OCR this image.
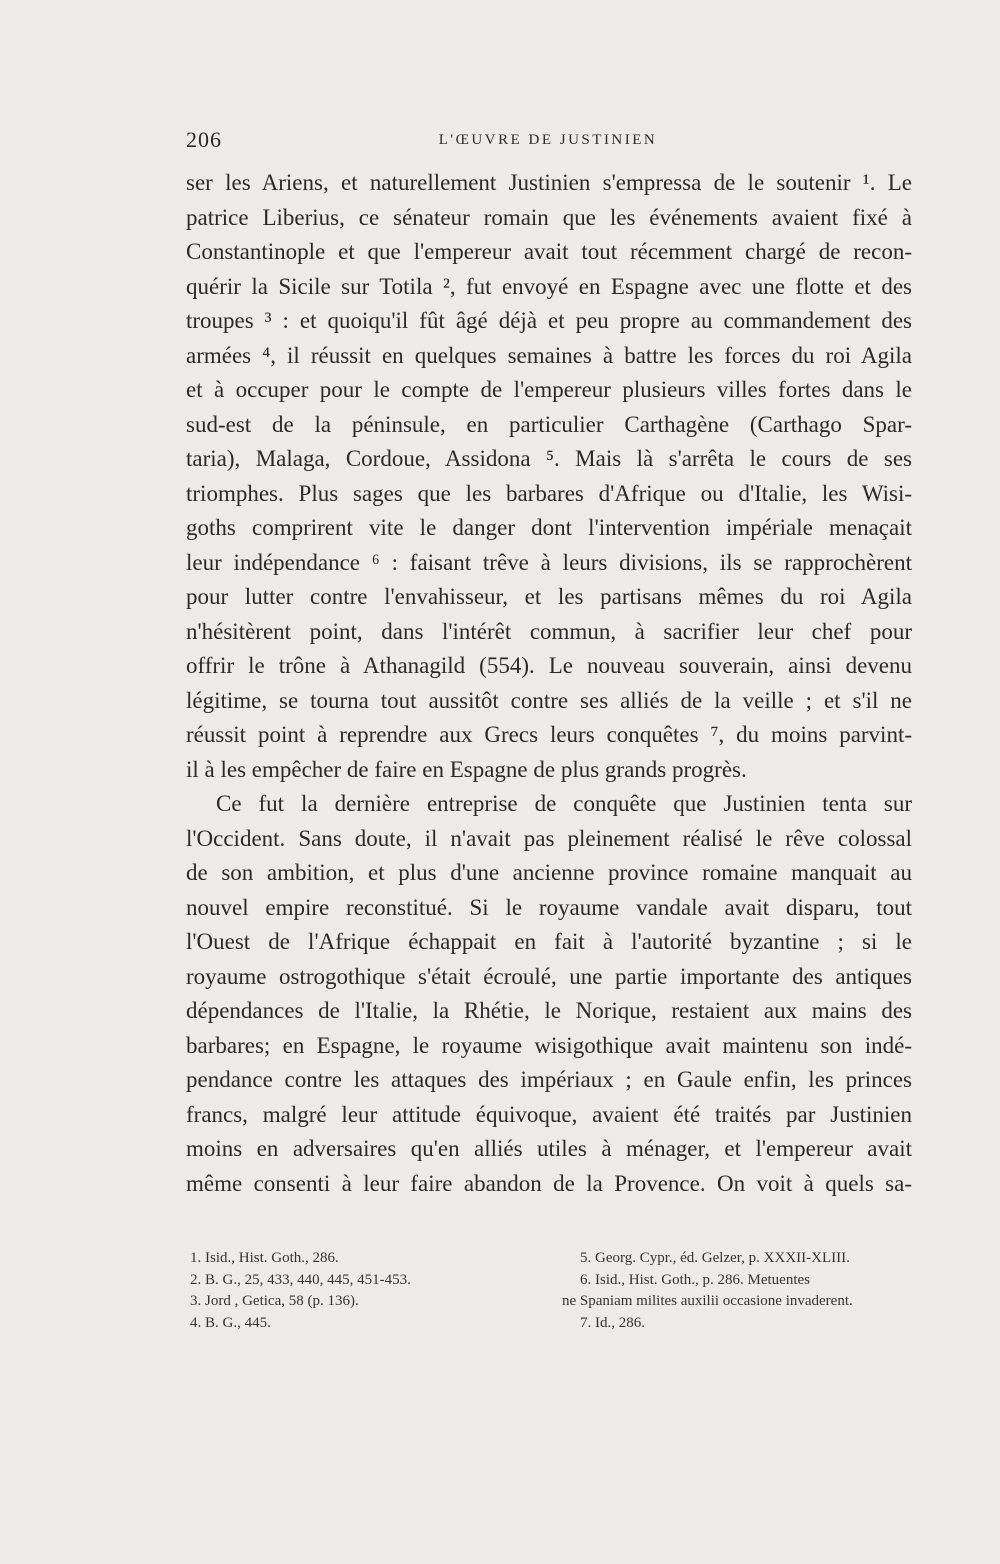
206	L'ŒUVRE DE JUSTINIEN
ser les Ariens, et naturellement Justinien s'empressa de le soutenir ¹. Le
patrice Liberius, ce sénateur romain que les événements avaient fixé à
Constantinople et que l'empereur avait tout récemment chargé de recon-
quérir la Sicile sur Totila ², fut envoyé en Espagne avec une flotte et des
troupes ³ : et quoiqu'il fût âgé déjà et peu propre au commandement des
armées ⁴, il réussit en quelques semaines à battre les forces du roi Agila
et à occuper pour le compte de l'empereur plusieurs villes fortes dans le
sud-est de la péninsule, en particulier Carthagène (Carthago Spar-
taria), Malaga, Cordoue, Assidona ⁵. Mais là s'arrêta le cours de ses
triomphes. Plus sages que les barbares d'Afrique ou d'Italie, les Wisi-
goths comprirent vite le danger dont l'intervention impériale menaçait
leur indépendance ⁶ : faisant trêve à leurs divisions, ils se rapprochèrent
pour lutter contre l'envahisseur, et les partisans mêmes du roi Agila
n'hésitèrent point, dans l'intérêt commun, à sacrifier leur chef pour
offrir le trône à Athanagild (554). Le nouveau souverain, ainsi devenu
légitime, se tourna tout aussitôt contre ses alliés de la veille ; et s'il ne
réussit point à reprendre aux Grecs leurs conquêtes ⁷, du moins parvint-
il à les empêcher de faire en Espagne de plus grands progrès.
Ce fut la dernière entreprise de conquête que Justinien tenta sur
l'Occident. Sans doute, il n'avait pas pleinement réalisé le rêve colossal
de son ambition, et plus d'une ancienne province romaine manquait au
nouvel empire reconstitué. Si le royaume vandale avait disparu, tout
l'Ouest de l'Afrique échappait en fait à l'autorité byzantine ; si le
royaume ostrogothique s'était écroulé, une partie importante des antiques
dépendances de l'Italie, la Rhétie, le Norique, restaient aux mains des
barbares; en Espagne, le royaume wisigothique avait maintenu son indé-
pendance contre les attaques des impériaux ; en Gaule enfin, les princes
francs, malgré leur attitude équivoque, avaient été traités par Justinien
moins en adversaires qu'en alliés utiles à ménager, et l'empereur avait
même consenti à leur faire abandon de la Provence. On voit à quels sa-
1. Isid., Hist. Goth., 286.
2. B. G., 25, 433, 440, 445, 451-453.
3. Jord , Getica, 58 (p. 136).
4. B. G., 445.
5. Georg. Cypr., éd. Gelzer, p. XXXII-XLIII.
6. Isid., Hist. Goth., p. 286. Metuentes
ne Spaniam milites auxilii occasione invaderent.
7. Id., 286.
